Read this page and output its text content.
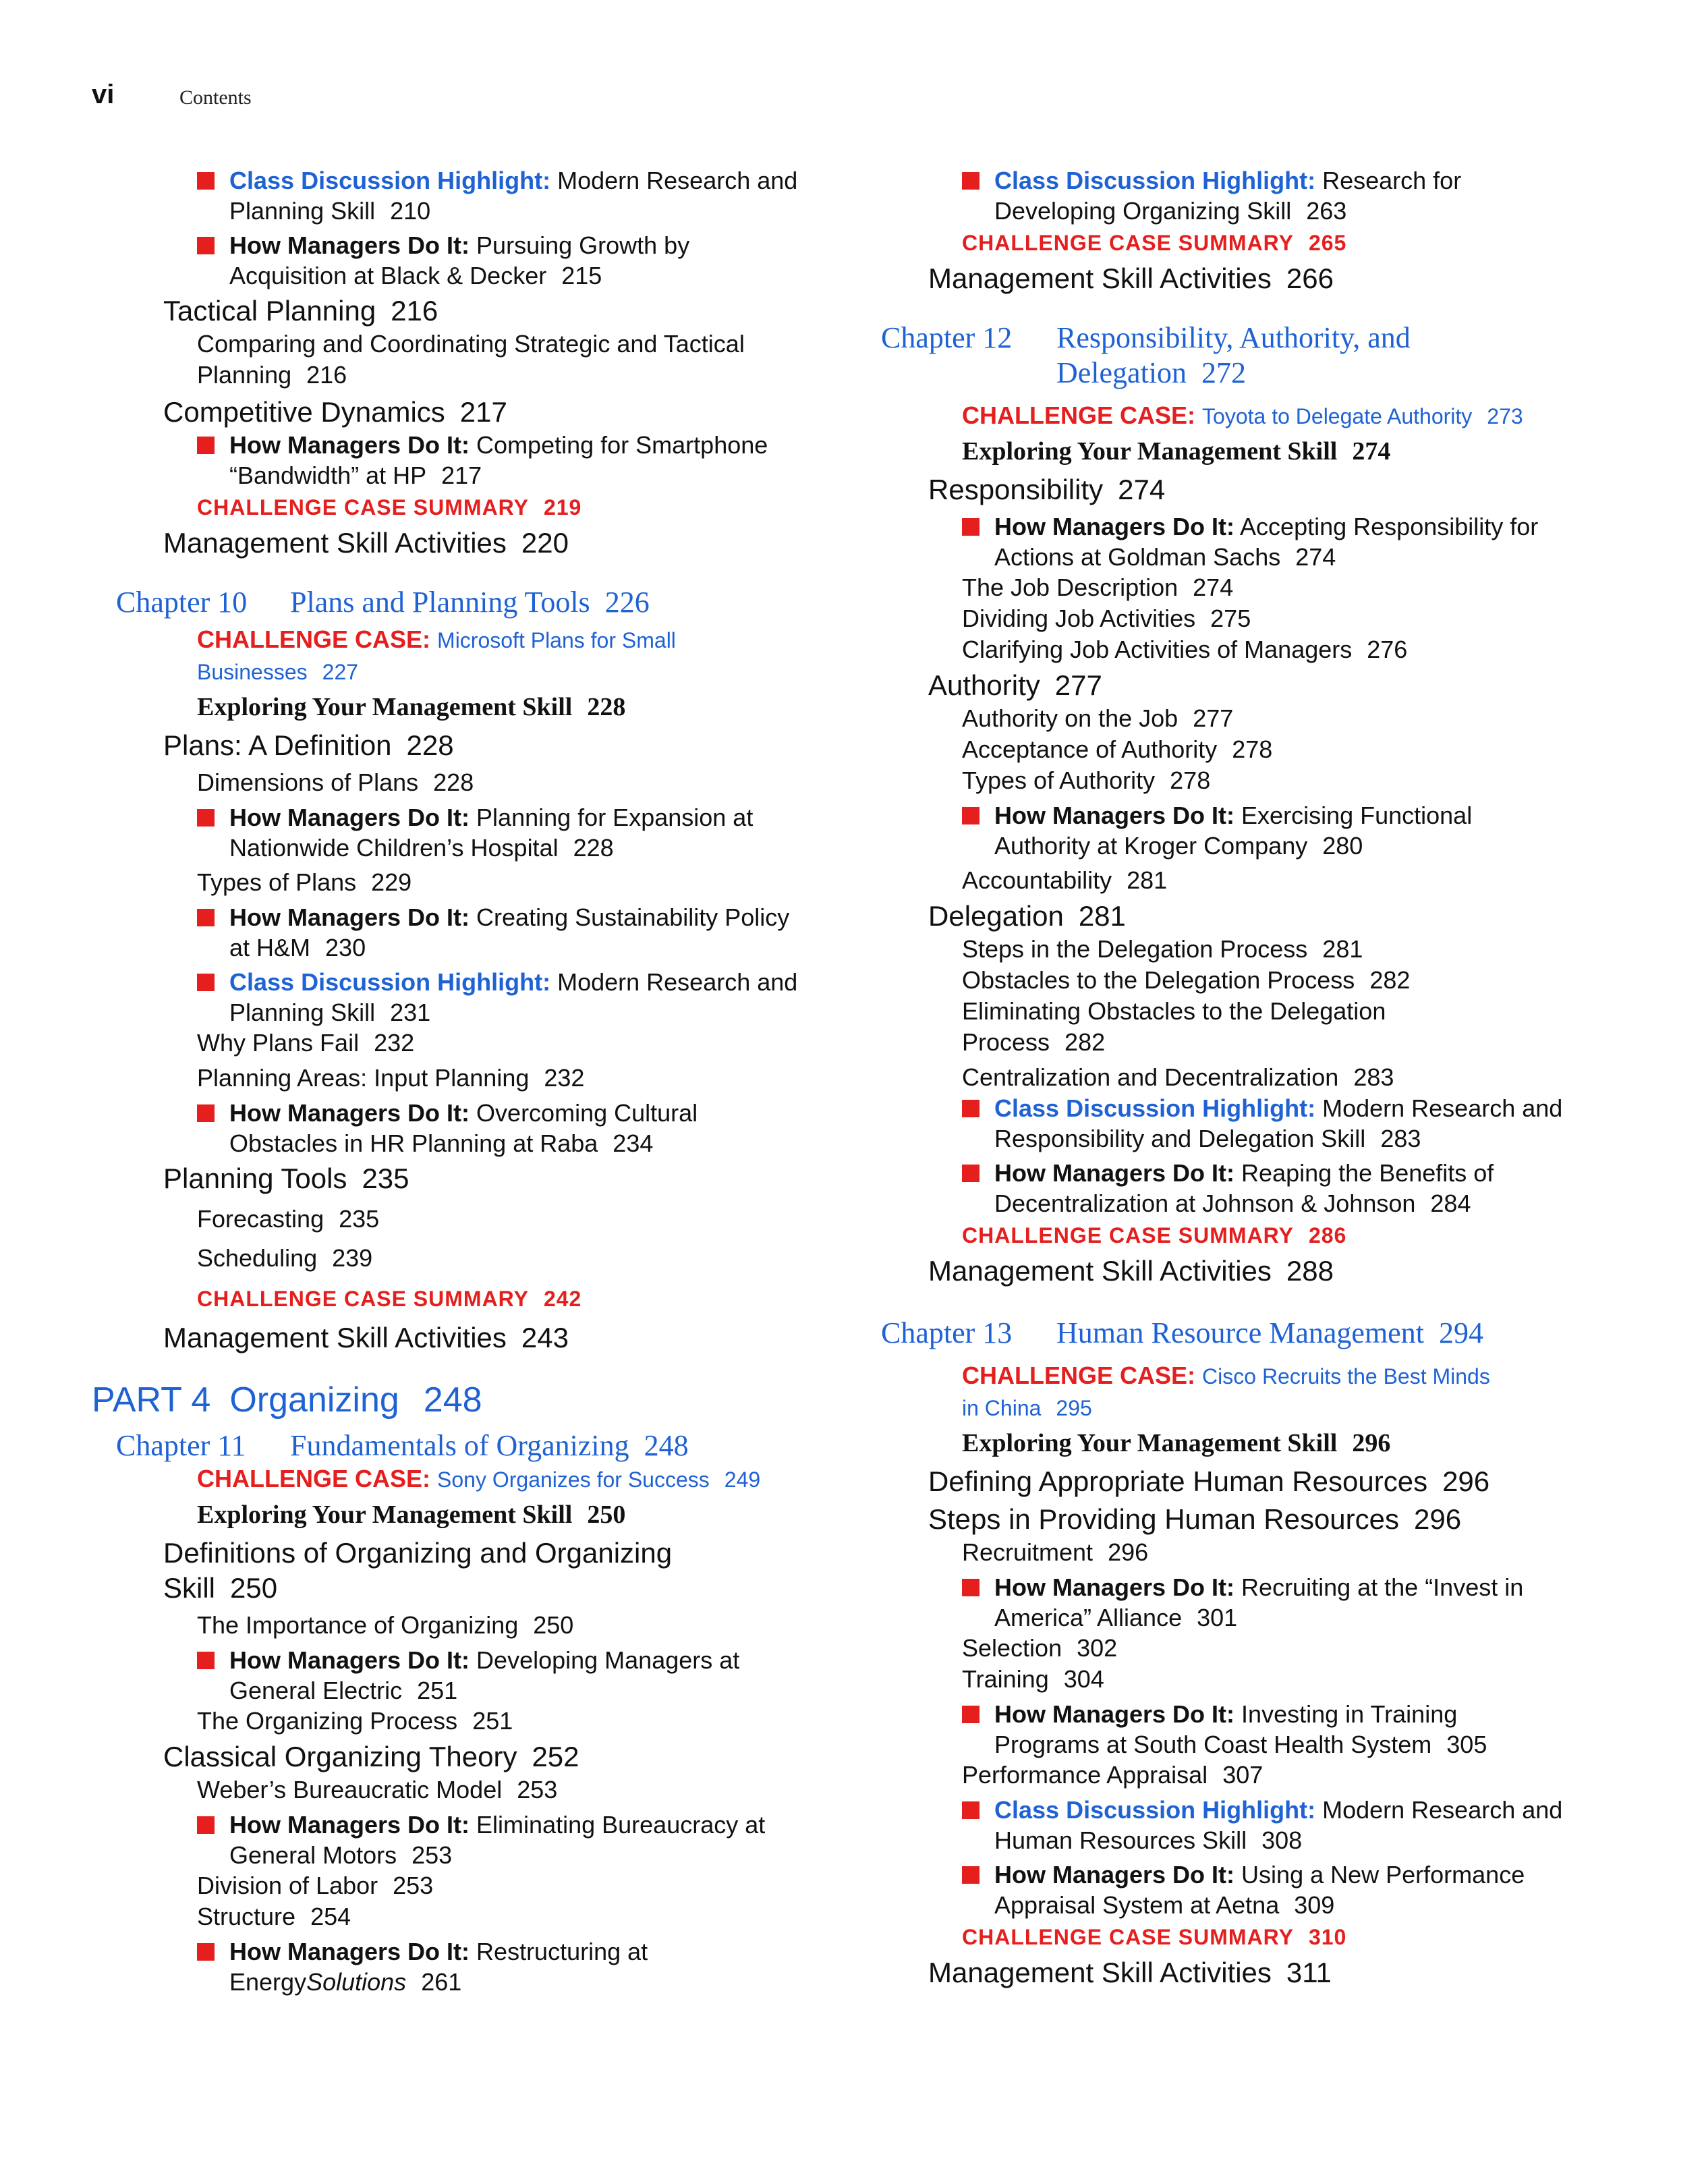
vi	Contents
Class Discussion Highlight: Modern Research and
Planning Skill 210
How Managers Do It: Pursuing Growth by
Acquisition at Black & Decker 215
Tactical Planning 216
Comparing and Coordinating Strategic and Tactical
Planning 216
Competitive Dynamics 217
How Managers Do It: Competing for Smartphone
“Bandwidth” at HP 217
CHALLENGE CASE SUMMARY 219
Management Skill Activities 220
Chapter 10 Plans and Planning Tools 226
CHALLENGE CASE: Microsoft Plans for Small
Businesses 227
Exploring Your Management Skill 228
Plans: A Definition 228
Dimensions of Plans 228
How Managers Do It: Planning for Expansion at
Nationwide Children’s Hospital 228
Types of Plans 229
How Managers Do It: Creating Sustainability Policy
at H&M 230
Class Discussion Highlight: Modern Research and
Planning Skill 231
Why Plans Fail 232
Planning Areas: Input Planning 232
How Managers Do It: Overcoming Cultural
Obstacles in HR Planning at Raba 234
Planning Tools 235
Forecasting 235
Scheduling 239
CHALLENGE CASE SUMMARY 242
Management Skill Activities 243
PART 4 Organizing 248
Chapter 11 Fundamentals of Organizing 248
CHALLENGE CASE: Sony Organizes for Success 249
Exploring Your Management Skill 250
Definitions of Organizing and Organizing
Skill 250
The Importance of Organizing 250
How Managers Do It: Developing Managers at
General Electric 251
The Organizing Process 251
Classical Organizing Theory 252
Weber’s Bureaucratic Model 253
How Managers Do It: Eliminating Bureaucracy at
General Motors 253
Division of Labor 253
Structure 254
How Managers Do It: Restructuring at
EnergySolutions 261
Class Discussion Highlight: Research for
Developing Organizing Skill 263
CHALLENGE CASE SUMMARY 265
Management Skill Activities 266
Chapter 12 Responsibility, Authority, and
Delegation 272
CHALLENGE CASE: Toyota to Delegate Authority 273
Exploring Your Management Skill 274
Responsibility 274
How Managers Do It: Accepting Responsibility for
Actions at Goldman Sachs 274
The Job Description 274
Dividing Job Activities 275
Clarifying Job Activities of Managers 276
Authority 277
Authority on the Job 277
Acceptance of Authority 278
Types of Authority 278
How Managers Do It: Exercising Functional
Authority at Kroger Company 280
Accountability 281
Delegation 281
Steps in the Delegation Process 281
Obstacles to the Delegation Process 282
Eliminating Obstacles to the Delegation
Process 282
Centralization and Decentralization 283
Class Discussion Highlight: Modern Research and
Responsibility and Delegation Skill 283
How Managers Do It: Reaping the Benefits of
Decentralization at Johnson & Johnson 284
CHALLENGE CASE SUMMARY 286
Management Skill Activities 288
Chapter 13 Human Resource Management 294
CHALLENGE CASE: Cisco Recruits the Best Minds
in China 295
Exploring Your Management Skill 296
Defining Appropriate Human Resources 296
Steps in Providing Human Resources 296
Recruitment 296
How Managers Do It: Recruiting at the “Invest in
America” Alliance 301
Selection 302
Training 304
How Managers Do It: Investing in Training
Programs at South Coast Health System 305
Performance Appraisal 307
Class Discussion Highlight: Modern Research and
Human Resources Skill 308
How Managers Do It: Using a New Performance
Appraisal System at Aetna 309
CHALLENGE CASE SUMMARY 310
Management Skill Activities 311
